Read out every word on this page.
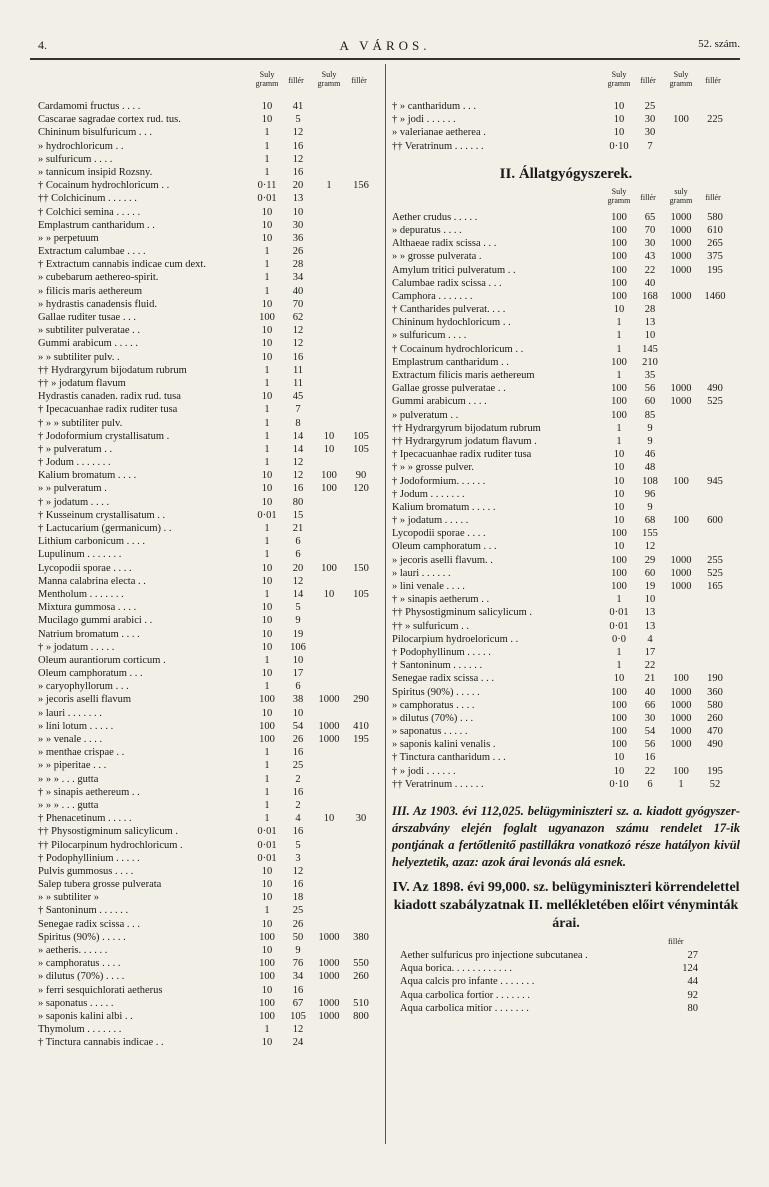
4.	A VÁROS.	52. szám.
Suly gramm	fillér
Suly gramm	fillér
Cardamomi fructus . . . .	10	41
Cascarae sagradae cortex rud. tus.	10	5
Chininum bisulfuricum . . .	1	12
» hydrochloricum . .	1	16
» sulfuricum . . . .	1	12
» tannicum insipid Rozsny.	1	16
† Cocainum hydrochloricum . .	0·11	20	1	156
†† Colchicinum . . . . . .	0·01	13
† Colchici semina . . . . .	10	10
Emplastrum cantharidum . .	10	30
» » perpetuum	10	36
Extractum calumbae . . . .	1	26
† Extractum cannabis indicae cum dext.	1	28
» cubebarum aethereo-spirit.	1	34
» filicis maris aethereum	1	40
» hydrastis canadensis fluid.	10	70
Gallae ruditer tusae . . .	100	62
» subtiliter pulveratae . .	10	12
Gummi arabicum . . . . .	10	12
» » subtiliter pulv. .	10	16
†† Hydrargyrum bijodatum rubrum	1	11
†† » jodatum flavum	1	11
Hydrastis canaden. radix rud. tusa	10	45
† Ipecacuanhae radix ruditer tusa	1	7
† » » subtiliter pulv.	1	8
† Jodoformium crystallisatum .	1	14	10	105
† » pulveratum . .	1	14	10	105
† Jodum . . . . . . .	1	12
Kalium bromatum . . . .	10	12	100	90
» » pulveratum .	10	16	100	120
† » jodatum . . . .	10	80
† Kusseinum crystallisatum . .	0·01	15
† Lactucarium (germanicum) . .	1	21
Lithium carbonicum . . . .	1	6
Lupulinum . . . . . . .	1	6
Lycopodii sporae . . . .	10	20	100	150
Manna calabrina electa . .	10	12
Mentholum . . . . . . .	1	14	10	105
Mixtura gummosa . . . .	10	5
Mucilago gummi arabici . .	10	9
Natrium bromatum . . . .	10	19
† » jodatum . . . . .	10	106
Oleum aurantiorum corticum .	1	10
Oleum camphoratum . . .	10	17
» caryophyllorum . . .	1	6
» jecoris aselli flavum	100	38	1000	290
» lauri . . . . . . .	10	10
» lini lotum . . . . .	100	54	1000	410
» » venale . . . .	100	26	1000	195
» menthae crispae . .	1	16
» » piperitae . . .	1	25
» » » . . . gutta	1	2
† » sinapis aethereum . .	1	16
» » » . . . gutta	1	2
† Phenacetinum . . . . .	1	4	10	30
†† Physostigminum salicylicum .	0·01	16
†† Pilocarpinum hydrochloricum .	0·01	5
† Podophyllinium . . . . .	0·01	3
Pulvis gummosus . . . .	10	12
Salep tubera grosse pulverata	10	16
» » subtiliter »	10	18
† Santoninum . . . . . .	1	25
Senegae radix scissa . . .	10	26
Spiritus (90%) . . . . .	100	50	1000	380
» aetheris. . . . . .	10	9
» camphoratus . . . .	100	76	1000	550
» dilutus (70%) . . . .	100	34	1000	260
» ferri sesquichlorati aetherus	10	16
» saponatus . . . . .	100	67	1000	510
» saponis kalini albi . .	100	105	1000	800
Thymolum . . . . . . .	1	12
† Tinctura cannabis indicae . .	10	24
Suly gramm	fillér
Suly gramm	fillér
† » cantharidum . . .	10	25
† » jodi . . . . . .	10	30	100	225
» valerianae aetherea .	10	30
†† Veratrinum . . . . . .	0·10	7
II. Állatgyógyszerek.
Suly gramm	fillér
suly gramm	fillér
Aether crudus . . . . .	100	65	1000	580
» depuratus . . . .	100	70	1000	610
Althaeae radix scissa . . .	100	30	1000	265
» » grosse pulverata .	100	43	1000	375
Amylum tritici pulveratum . .	100	22	1000	195
Calumbae radix scissa . . .	100	40
Camphora . . . . . . .	100	168	1000	1460
† Cantharides pulverat. . . .	10	28
Chininum hydochloricum . .	1	13
» sulfuricum . . . .	1	10
† Cocainum hydrochloricum . .	1	145
Emplastrum cantharidum . .	100	210
Extractum filicis maris aethereum	1	35
Gallae grosse pulveratae . .	100	56	1000	490
Gummi arabicum . . . .	100	60	1000	525
» pulveratum . .	100	85
†† Hydrargyrum bijodatum rubrum	1	9
†† Hydrargyrum jodatum flavum .	1	9
† Ipecacuanhae radix ruditer tusa	10	46
† » » grosse pulver.	10	48
† Jodoformium. . . . . .	10	108	100	945
† Jodum . . . . . . .	10	96
Kalium bromatum . . . . .	10	9
† » jodatum . . . . .	10	68	100	600
Lycopodii sporae . . . .	100	155
Oleum camphoratum . . .	10	12
» jecoris aselli flavum. .	100	29	1000	255
» lauri . . . . . .	100	60	1000	525
» lini venale . . . .	100	19	1000	165
† » sinapis aetherum . .	1	10
†† Physostigminum salicylicum .	0·01	13
†† » sulfuricum . .	0·01	13
Pilocarpium hydroeloricum . .	0·0	4
† Podophyllinum . . . . .	1	17
† Santoninum . . . . . .	1	22
Senegae radix scissa . . .	10	21	100	190
Spiritus (90%) . . . . .	100	40	1000	360
» camphoratus . . . .	100	66	1000	580
» dilutus (70%) . . .	100	30	1000	260
» saponatus . . . . .	100	54	1000	470
» saponis kalini venalis .	100	56	1000	490
† Tinctura cantharidum . . .	10	16
† » jodi . . . . . .	10	22	100	195
†† Veratrinum . . . . . .	0·10	6	1	52
III. Az 1903. évi 112,025. belügyminiszteri sz. a. kiadott gyógyszer-árszabvány elején foglalt ugyanazon számu rendelet 17-ik pontjának a fertőtlenitő pastillákra vonatkozó része hatályon kivül helyeztetik, azaz: azok árai levonás alá esnek.
IV. Az 1898. évi 99,000. sz. belügyminiszteri körrendelettel kiadott szabályzatnak II. mellékletében előirt vényminták árai.
fillér
Aether sulfuricus pro injectione subcutanea .	27
Aqua borica. . . . . . . . . . . .	124
Aqua calcis pro infante . . . . . . .	44
Aqua carbolica fortior . . . . . . .	92
Aqua carbolica mitior . . . . . . .	80
